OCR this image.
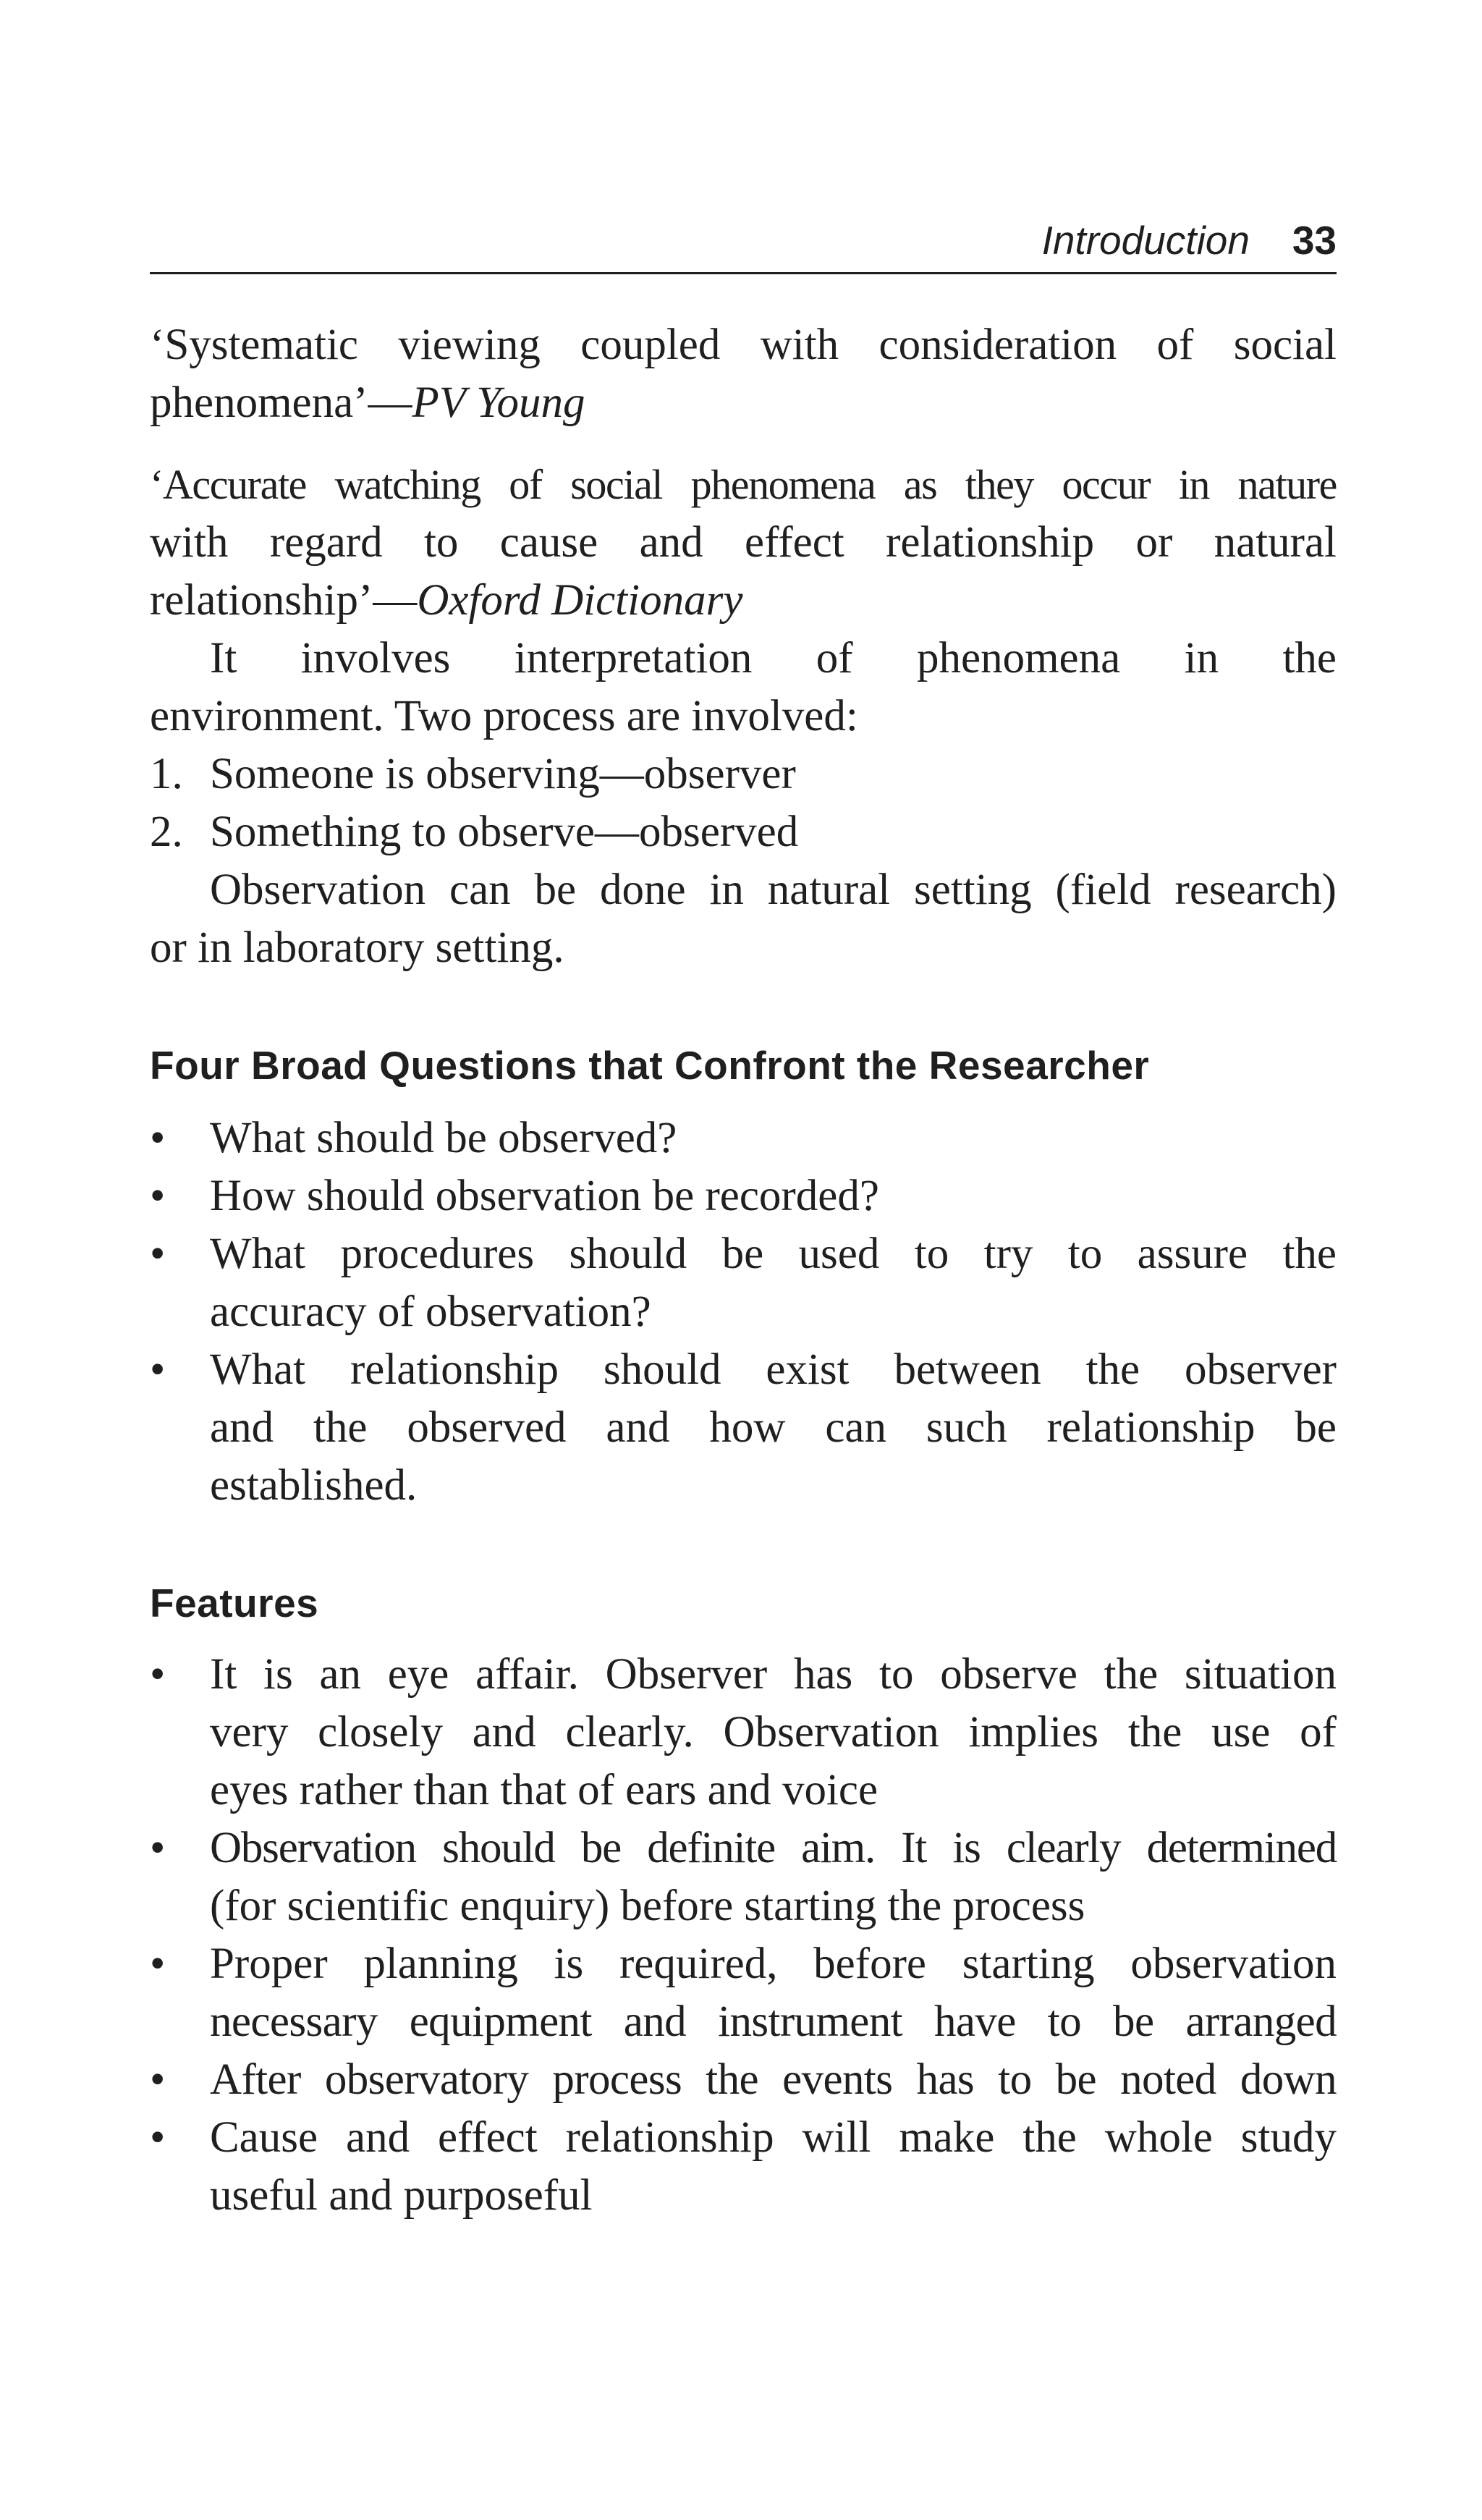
Introduction 33
‘Systematic viewing coupled with consideration of social
phenomena’—PV Young
‘Accurate watching of social phenomena as they occur in nature
with regard to cause and effect relationship or natural
relationship’—Oxford Dictionary
It involves interpretation of phenomena in the
environment. Two process are involved:
1. Someone is observing—observer
2. Something to observe—observed
Observation can be done in natural setting (field research)
or in laboratory setting.
Four Broad Questions that Confront the Researcher
• What should be observed?
• How should observation be recorded?
• What procedures should be used to try to assure the
accuracy of observation?
• What relationship should exist between the observer
and the observed and how can such relationship be
established.
Features
• It is an eye affair. Observer has to observe the situation
very closely and clearly. Observation implies the use of
eyes rather than that of ears and voice
• Observation should be definite aim. It is clearly determined
(for scientific enquiry) before starting the process
• Proper planning is required, before starting observation
necessary equipment and instrument have to be arranged
• After observatory process the events has to be noted down
• Cause and effect relationship will make the whole study
useful and purposeful
